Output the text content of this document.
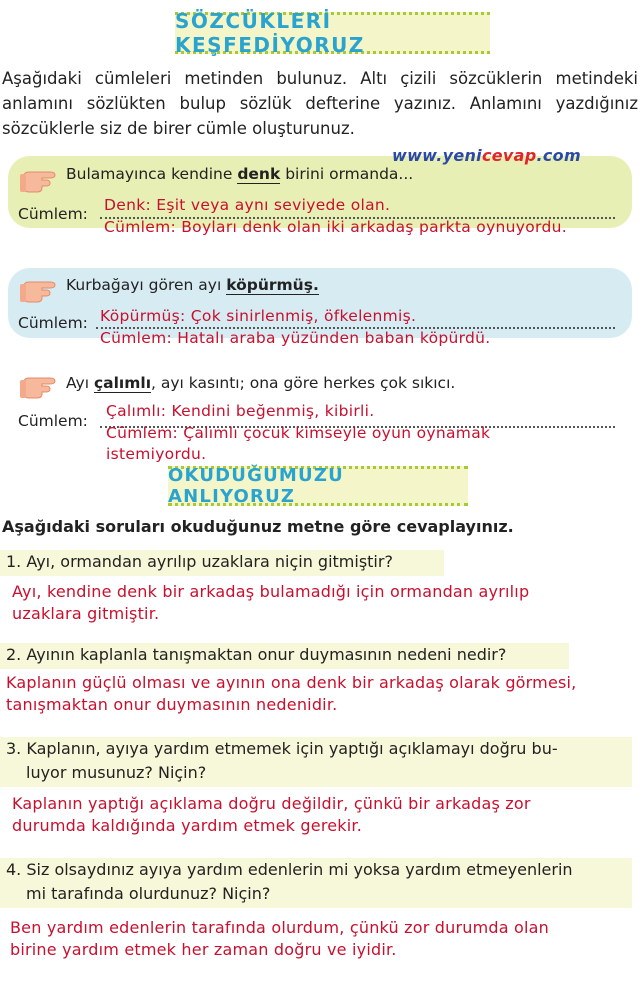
SÖZCÜKLERİ KEŞFEDİYORUZ
Aşağıdaki cümleleri metinden bulunuz. Altı çizili sözcüklerin metindeki anlamını sözlükten bulup sözlük defterine yazınız. Anlamını yazdığınız sözcüklerle siz de birer cümle oluşturunuz.
Bulamayınca kendine denk birini ormanda...
Cümlem: Denk: Eşit veya aynı seviyede olan.
Cümlem: Boyları denk olan iki arkadaş parkta oynuyordu.
www.yenicevap.com
Kurbağayı gören ayı köpürmüş.
Cümlem: Köpürmüş: Çok sinirlenmiş, öfkelenmiş.
Cümlem: Hatalı araba yüzünden baban köpürdü.
Ayı çalımlı, ayı kasıntı; ona göre herkes çok sıkıcı.
Cümlem:
Çalımlı: Kendini beğenmiş, kibirli.
Cümlem: Çalımlı çocuk kimseyle oyun oynamak
istemiyordu.
OKUDUĞUMUZU ANLIYORUZ
Aşağıdaki soruları okuduğunuz metne göre cevaplayınız.
1. Ayı, ormandan ayrılıp uzaklara niçin gitmiştir?
Ayı, kendine denk bir arkadaş bulamadığı için ormandan ayrılıp
uzaklara gitmiştir.
2. Ayının kaplanla tanışmaktan onur duymasının nedeni nedir?
Kaplanın güçlü olması ve ayının ona denk bir arkadaş olarak görmesi,
tanışmaktan onur duymasının nedenidir.
3. Kaplanın, ayıya yardım etmemek için yaptığı açıklamayı doğru bu-
luyor musunuz? Niçin?
Kaplanın yaptığı açıklama doğru değildir, çünkü bir arkadaş zor
durumda kaldığında yardım etmek gerekir.
4. Siz olsaydınız ayıya yardım edenlerin mi yoksa yardım etmeyenlerin
mi tarafında olurdunuz? Niçin?
Ben yardım edenlerin tarafında olurdum, çünkü zor durumda olan
birine yardım etmek her zaman doğru ve iyidir.
